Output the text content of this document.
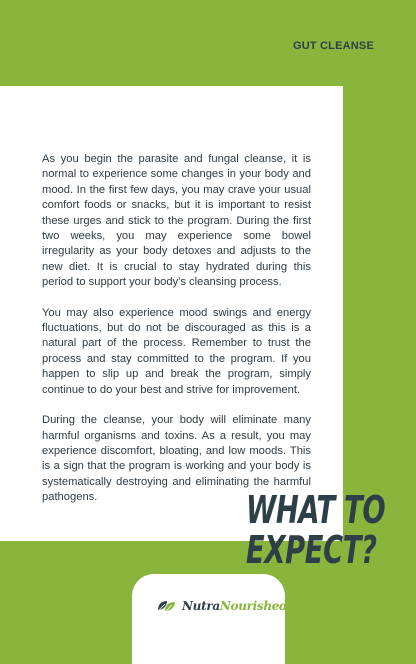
GUT CLEANSE

As you begin the parasite and fungal cleanse, it is normal to experience some changes in your body and mood. In the first few days, you may crave your usual comfort foods or snacks, but it is important to resist these urges and stick to the program. During the first two weeks, you may experience some bowel irregularity as your body detoxes and adjusts to the new diet. It is crucial to stay hydrated during this period to support your body's cleansing process.

You may also experience mood swings and energy fluctuations, but do not be discouraged as this is a natural part of the process. Remember to trust the process and stay committed to the program. If you happen to slip up and break the program, simply continue to do your best and strive for improvement.

During the cleanse, your body will eliminate many harmful organisms and toxins. As a result, you may experience discomfort, bloating, and low moods. This is a sign that the program is working and your body is systematically destroying and eliminating the harmful pathogens.	WHAT TO
EXPECT?
NutraNourished
